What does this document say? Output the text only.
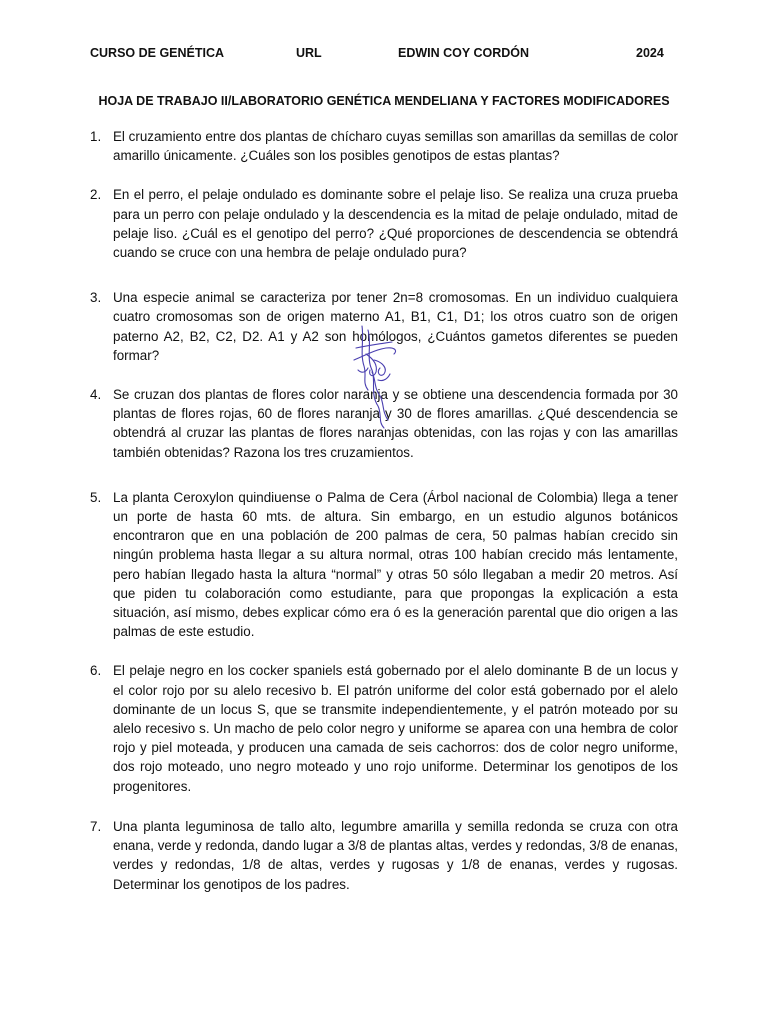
CURSO DE GENÉTICA	URL	EDWIN COY CORDÓN	2024
HOJA DE TRABAJO II/LABORATORIO GENÉTICA MENDELIANA Y FACTORES MODIFICADORES
1. El cruzamiento entre dos plantas de chícharo cuyas semillas son amarillas da semillas de color amarillo únicamente. ¿Cuáles son los posibles genotipos de estas plantas?
2. En el perro, el pelaje ondulado es dominante sobre el pelaje liso. Se realiza una cruza prueba para un perro con pelaje ondulado y la descendencia es la mitad de pelaje ondulado, mitad de pelaje liso. ¿Cuál es el genotipo del perro? ¿Qué proporciones de descendencia se obtendrá cuando se cruce con una hembra de pelaje ondulado pura?
3. Una especie animal se caracteriza por tener 2n=8 cromosomas. En un individuo cualquiera cuatro cromosomas son de origen materno A1, B1, C1, D1; los otros cuatro son de origen paterno A2, B2, C2, D2. A1 y A2 son homólogos, ¿Cuántos gametos diferentes se pueden formar?
4. Se cruzan dos plantas de flores color naranja y se obtiene una descendencia formada por 30 plantas de flores rojas, 60 de flores naranja y 30 de flores amarillas. ¿Qué descendencia se obtendrá al cruzar las plantas de flores naranjas obtenidas, con las rojas y con las amarillas también obtenidas? Razona los tres cruzamientos.
5. La planta Ceroxylon quindiuense o Palma de Cera (Árbol nacional de Colombia) llega a tener un porte de hasta 60 mts. de altura. Sin embargo, en un estudio algunos botánicos encontraron que en una población de 200 palmas de cera, 50 palmas habían crecido sin ningún problema hasta llegar a su altura normal, otras 100 habían crecido más lentamente, pero habían llegado hasta la altura “normal” y otras 50 sólo llegaban a medir 20 metros. Así que piden tu colaboración como estudiante, para que propongas la explicación a esta situación, así mismo, debes explicar cómo era ó es la generación parental que dio origen a las palmas de este estudio.
6. El pelaje negro en los cocker spaniels está gobernado por el alelo dominante B de un locus y el color rojo por su alelo recesivo b. El patrón uniforme del color está gobernado por el alelo dominante de un locus S, que se transmite independientemente, y el patrón moteado por su alelo recesivo s. Un macho de pelo color negro y uniforme se aparea con una hembra de color rojo y piel moteada, y producen una camada de seis cachorros: dos de color negro uniforme, dos rojo moteado, uno negro moteado y uno rojo uniforme. Determinar los genotipos de los progenitores.
7. Una planta leguminosa de tallo alto, legumbre amarilla y semilla redonda se cruza con otra enana, verde y redonda, dando lugar a 3/8 de plantas altas, verdes y redondas, 3/8 de enanas, verdes y redondas, 1/8 de altas, verdes y rugosas y 1/8 de enanas, verdes y rugosas. Determinar los genotipos de los padres.
